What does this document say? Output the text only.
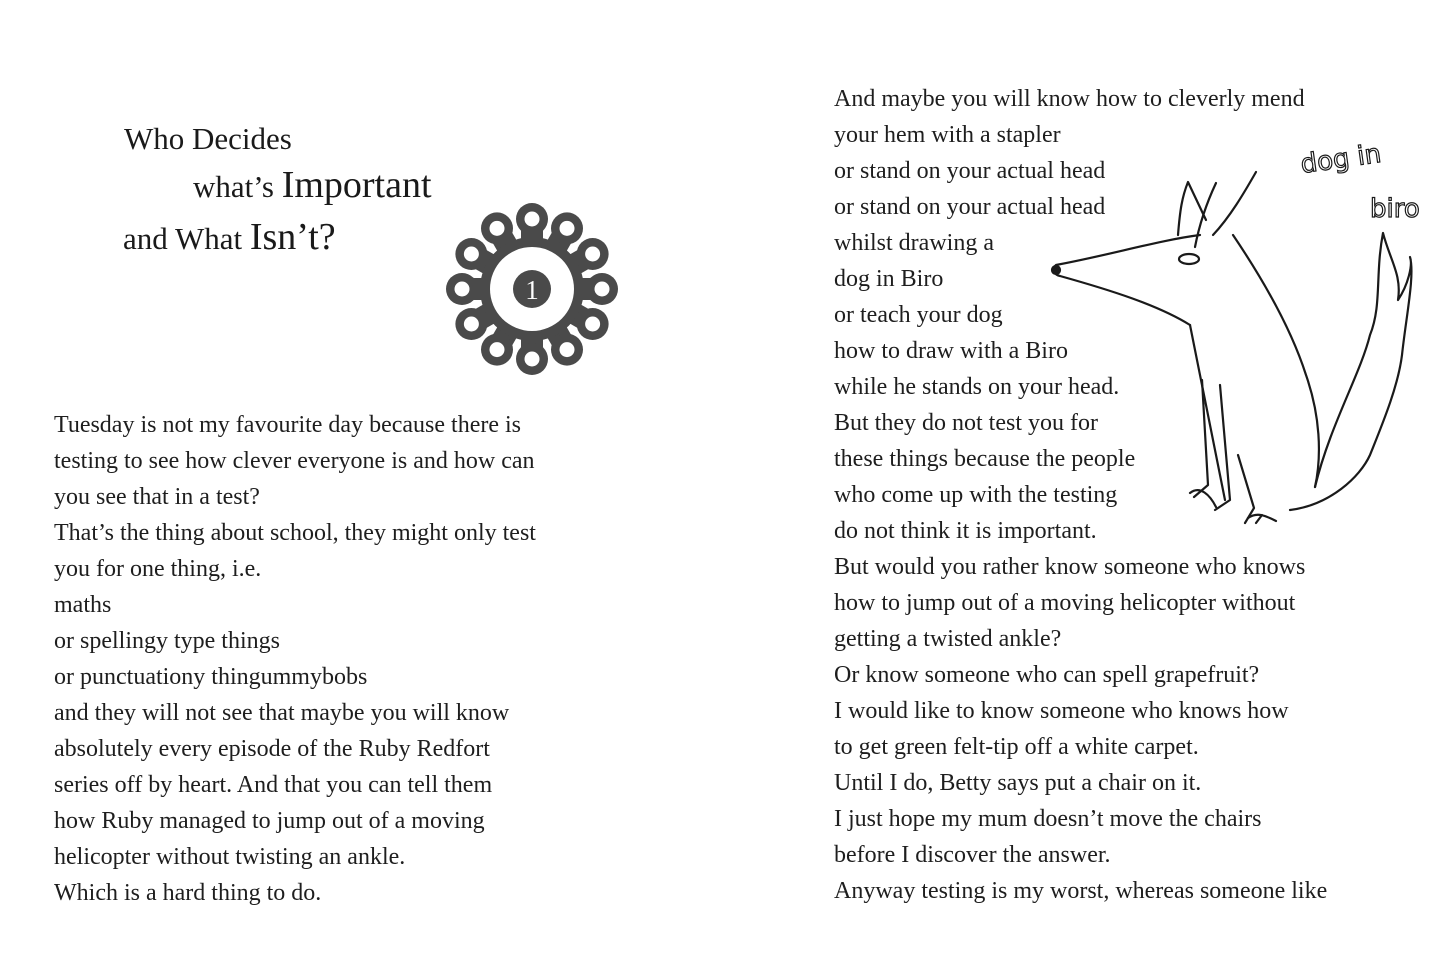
Who Decides
what’s Important
and What Isn’t?
1
Tuesday is not my favourite day because there is
testing to see how clever everyone is and how can
you see that in a test?
That’s the thing about school, they might only test
you for one thing, i.e.
maths
or spellingy type things
or punctuationy thingummybobs
and they will not see that maybe you will know
absolutely every episode of the Ruby Redfort
series off by heart. And that you can tell them
how Ruby managed to jump out of a moving
helicopter without twisting an ankle.
Which is a hard thing to do.
And maybe you will know how to cleverly mend
your hem with a stapler
or stand on your actual head
or stand on your actual head
whilst drawing a
dog in Biro
or teach your dog
how to draw with a Biro
while he stands on your head.
But they do not test you for
these things because the people
who come up with the testing
do not think it is important.
But would you rather know someone who knows
how to jump out of a moving helicopter without
getting a twisted ankle?
Or know someone who can spell grapefruit?
I would like to know someone who knows how
to get green felt-tip off a white carpet.
Until I do, Betty says put a chair on it.
I just hope my mum doesn’t move the chairs
before I discover the answer.
Anyway testing is my worst, whereas someone like
dog in
biro
